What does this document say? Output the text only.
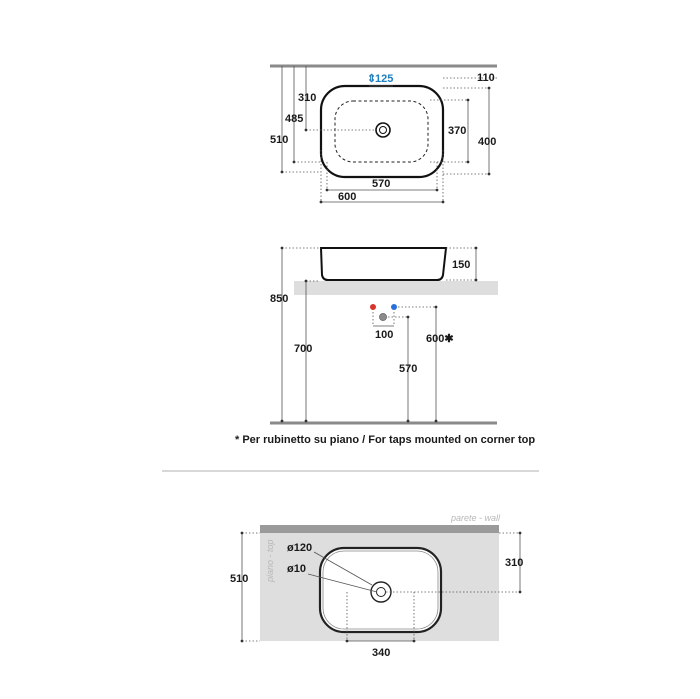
⇕
125	110
310
485
510
370
400
570
600
150
850
700
100
570
600✱
* Per rubinetto su piano / For taps mounted on corner top
parete - wall
piano - top ø120
ø10
510
310
340
